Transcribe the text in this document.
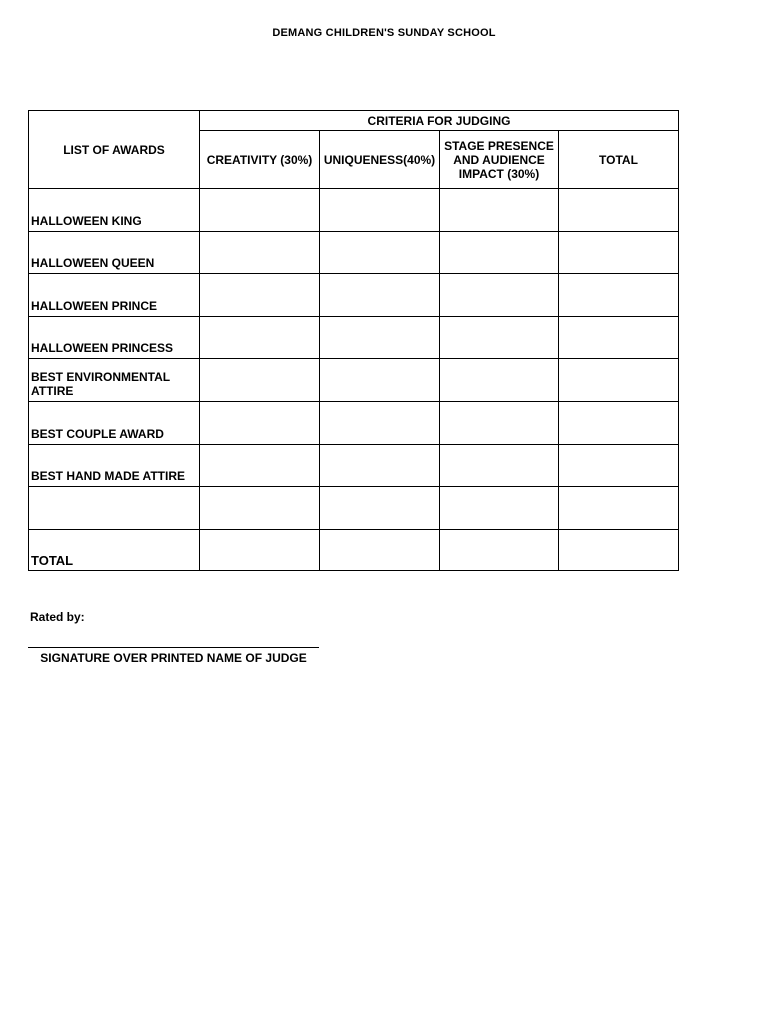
DEMANG CHILDREN'S SUNDAY SCHOOL
LIST OF AWARDS	CRITERIA FOR JUDGING			
	CREATIVITY (30%)	UNIQUENESS(40%)	STAGE PRESENCE AND AUDIENCE IMPACT (30%)	TOTAL
HALLOWEEN KING				
HALLOWEEN QUEEN				
HALLOWEEN PRINCE				
HALLOWEEN PRINCESS				
BEST ENVIRONMENTAL ATTIRE				
BEST COUPLE AWARD				
BEST HAND MADE ATTIRE				

TOTAL				
Rated by:
SIGNATURE OVER PRINTED NAME OF JUDGE
